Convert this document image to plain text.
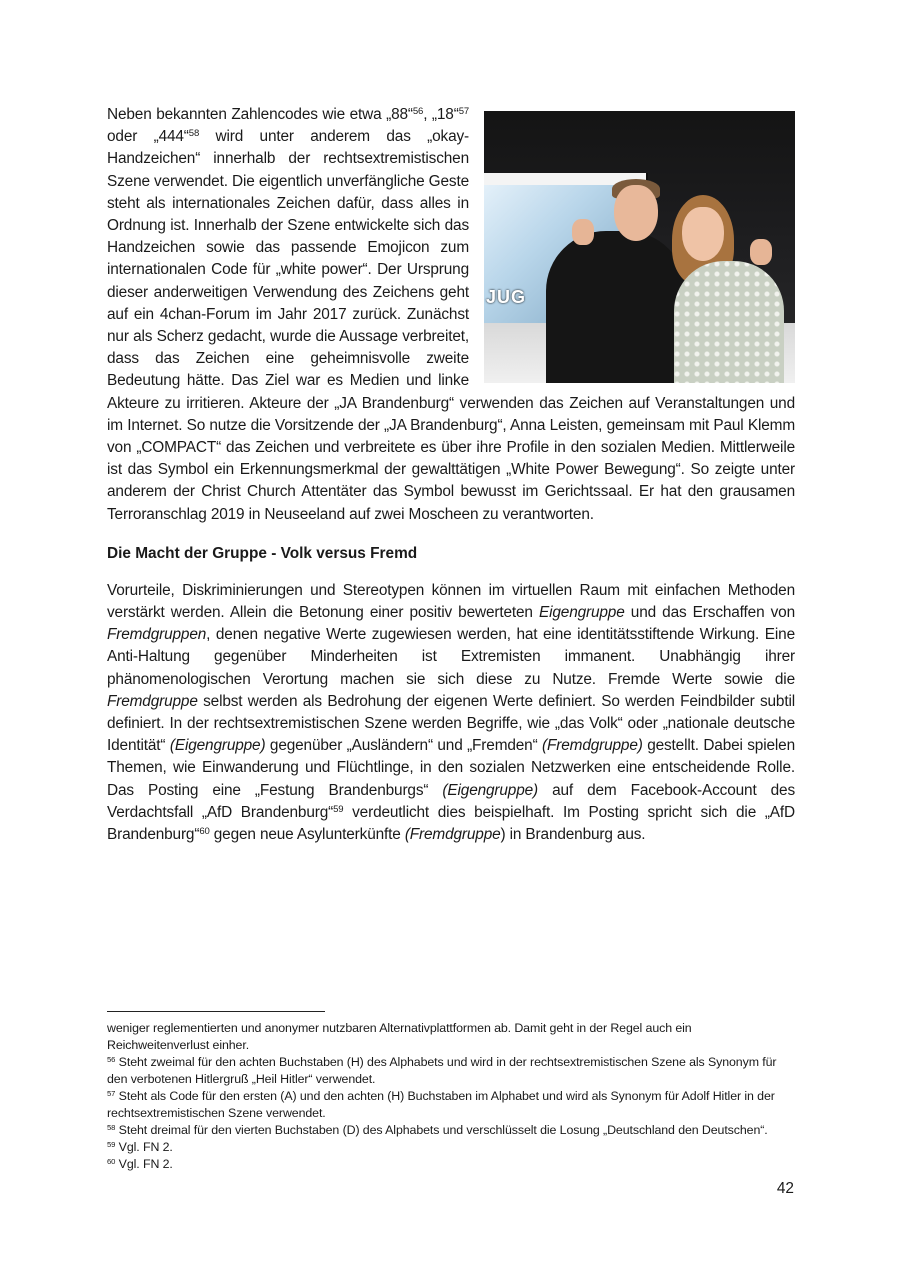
JUG

Neben bekannten Zahlencodes wie etwa „88“$^{56}$, „18“$^{57}$ oder „444“$^{58}$ wird unter anderem das „okay-Handzeichen“ innerhalb der rechtsextremistischen Szene verwendet. Die eigentlich unverfängliche Geste steht als internationales Zeichen dafür, dass alles in Ordnung ist. Innerhalb der Szene entwickelte sich das Handzeichen sowie das passende Emojicon zum internationalen Code für „white power“. Der Ursprung dieser anderweitigen Verwendung des Zeichens geht auf ein 4chan-Forum im Jahr 2017 zurück. Zunächst nur als Scherz gedacht, wurde die Aussage verbreitet, dass das Zeichen eine geheimnisvolle zweite Bedeutung hätte. Das Ziel war es Medien und linke Akteure zu irritieren. Akteure der „JA Brandenburg“ verwenden das Zeichen auf Veranstaltungen und im Internet. So nutze die Vorsitzende der „JA Brandenburg“, Anna Leisten, gemeinsam mit Paul Klemm von „COMPACT“ das Zeichen und verbreitete es über ihre Profile in den sozialen Medien. Mittlerweile ist das Symbol ein Erkennungsmerkmal der gewalttätigen „White Power Bewegung“. So zeigte unter anderem der Christ Church Attentäter das Symbol bewusst im Gerichtssaal. Er hat den grausamen Terroranschlag 2019 in Neuseeland auf zwei Moscheen zu verantworten.

Die Macht der Gruppe - Volk versus Fremd

Vorurteile, Diskriminierungen und Stereotypen können im virtuellen Raum mit einfachen Methoden verstärkt werden. Allein die Betonung einer positiv bewerteten Eigengruppe und das Erschaffen von Fremdgruppen, denen negative Werte zugewiesen werden, hat eine identitätsstiftende Wirkung. Eine Anti-Haltung gegenüber Minderheiten ist Extremisten immanent. Unabhängig ihrer phänomenologischen Verortung machen sie sich diese zu Nutze. Fremde Werte sowie die Fremdgruppe selbst werden als Bedrohung der eigenen Werte definiert. So werden Feindbilder subtil definiert. In der rechtsextremistischen Szene werden Begriffe, wie „das Volk“ oder „nationale deutsche Identität“ (Eigengruppe) gegenüber „Ausländern“ und „Fremden“ (Fremdgruppe) gestellt. Dabei spielen Themen, wie Einwanderung und Flüchtlinge, in den sozialen Netzwerken eine entscheidende Rolle. Das Posting eine „Festung Brandenburgs“ (Eigengruppe) auf dem Facebook-Account des Verdachtsfall „AfD Brandenburg“$^{59}$ verdeutlicht dies beispielhaft. Im Posting spricht sich die „AfD Brandenburg“$^{60}$ gegen neue Asylunterkünfte (Fremdgruppe) in Brandenburg aus.

weniger reglementierten und anonymer nutzbaren Alternativplattformen ab. Damit geht in der Regel auch ein Reichweitenverlust einher.

$^{56}$ Steht zweimal für den achten Buchstaben (H) des Alphabets und wird in der rechtsextremistischen Szene als Synonym für den verbotenen Hitlergruß „Heil Hitler“ verwendet.

$^{57}$ Steht als Code für den ersten (A) und den achten (H) Buchstaben im Alphabet und wird als Synonym für Adolf Hitler in der rechtsextremistischen Szene verwendet.

$^{58}$ Steht dreimal für den vierten Buchstaben (D) des Alphabets und verschlüsselt die Losung „Deutschland den Deutschen“.

$^{59}$ Vgl. FN 2.

$^{60}$ Vgl. FN 2.

42
